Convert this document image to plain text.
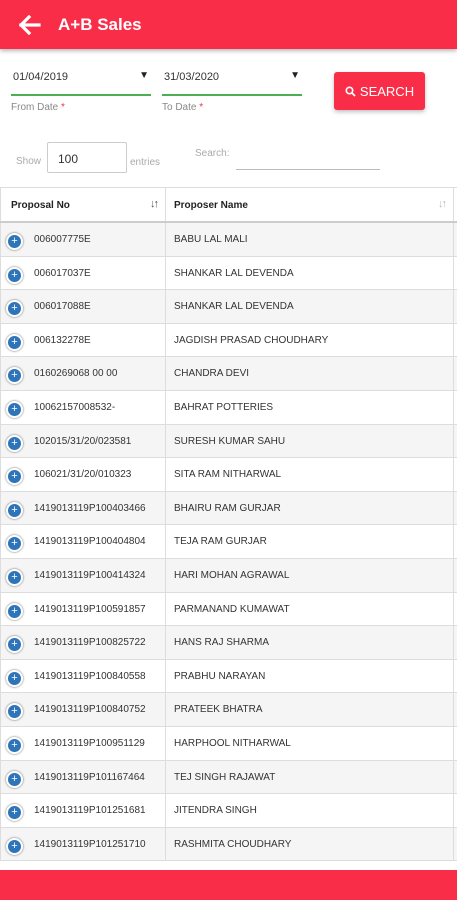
A+B Sales
01/04/2019	▼
From Date *
31/03/2020	▼
To Date *
SEARCH
Show	100	entries
Search:
Proposal No	↓↑	Proposer Name	↓↑
+	006007775E	BABU LAL MALI
+	006017037E	SHANKAR LAL DEVENDA
+	006017088E	SHANKAR LAL DEVENDA
+	006132278E	JAGDISH PRASAD CHOUDHARY
+	0160269068 00 00	CHANDRA DEVI
+	10062157008532-	BAHRAT POTTERIES
+	102015/31/20/023581	SURESH KUMAR SAHU
+	106021/31/20/010323	SITA RAM NITHARWAL
+	1419013119P100403466	BHAIRU RAM GURJAR
+	1419013119P100404804	TEJA RAM GURJAR
+	1419013119P100414324	HARI MOHAN AGRAWAL
+	1419013119P100591857	PARMANAND KUMAWAT
+	1419013119P100825722	HANS RAJ SHARMA
+	1419013119P100840558	PRABHU NARAYAN
+	1419013119P100840752	PRATEEK BHATRA
+	1419013119P100951129	HARPHOOL NITHARWAL
+	1419013119P101167464	TEJ SINGH RAJAWAT
+	1419013119P101251681	JITENDRA SINGH
+	1419013119P101251710	RASHMITA CHOUDHARY
